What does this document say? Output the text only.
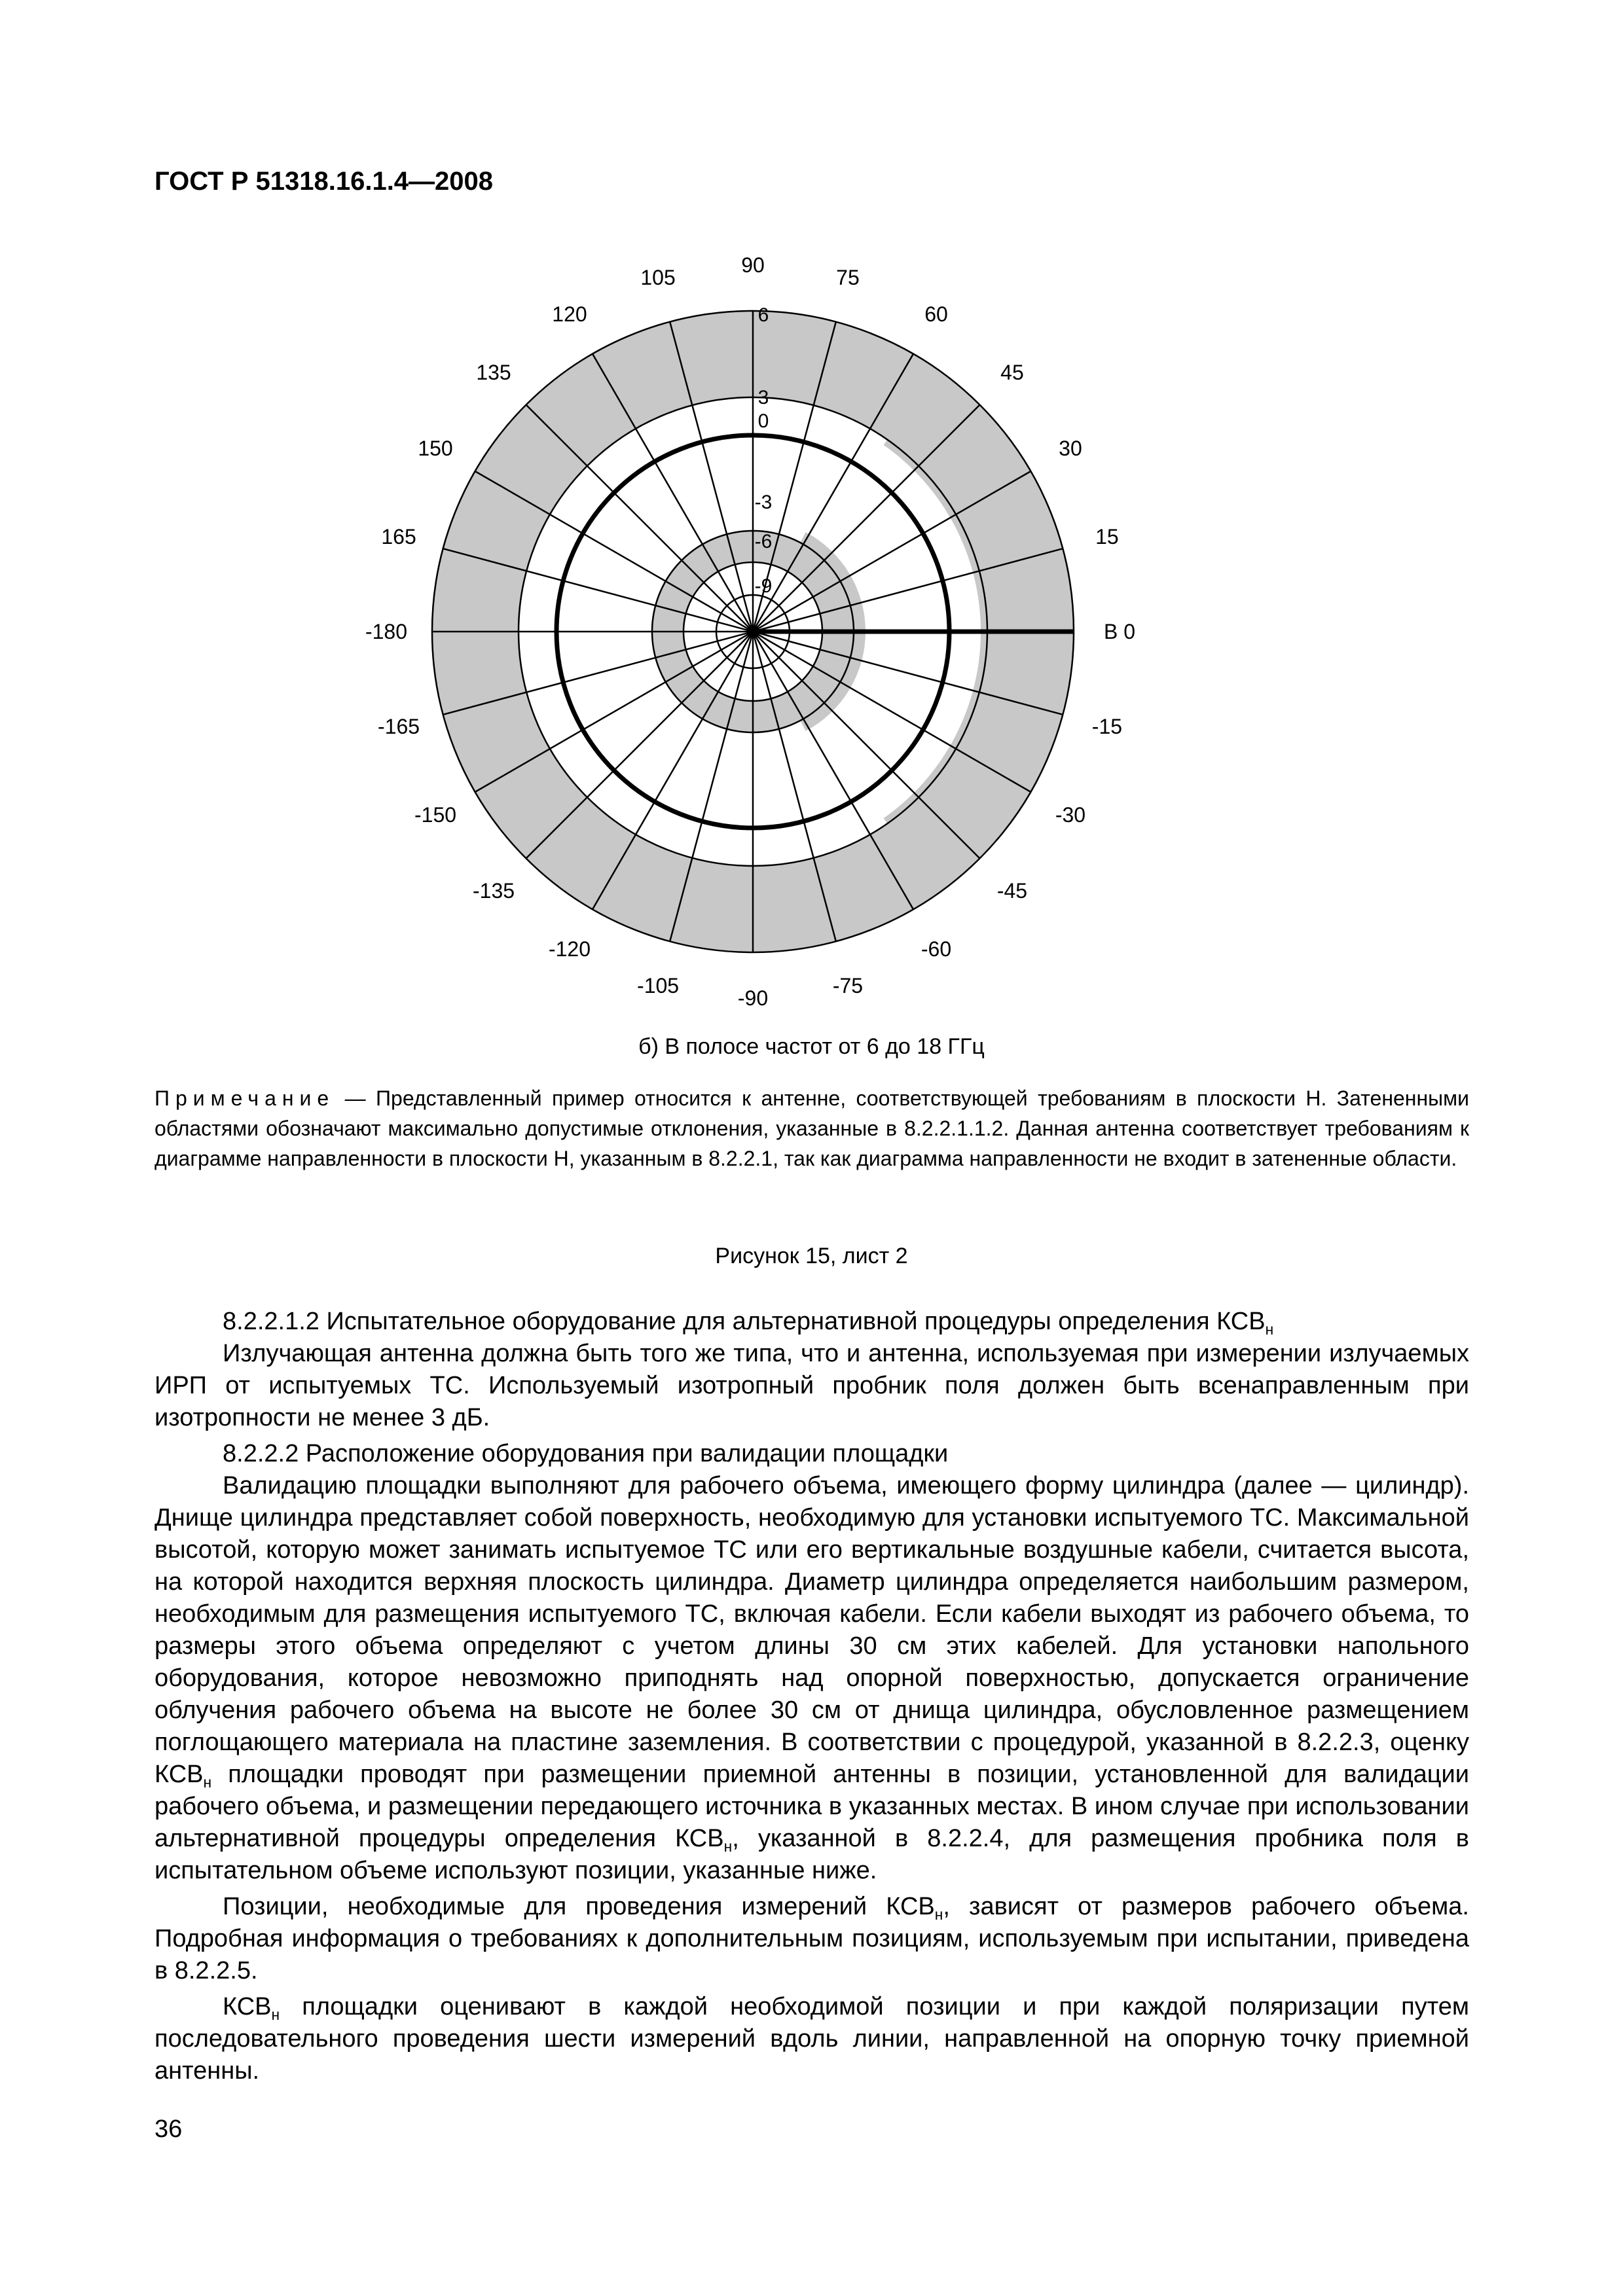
ГОСТ Р 51318.16.1.4—2008
6
3
0
-3
-6
-9
90
75
60
45
30
15
В 0
-15
-30
-45
-60
-75
-90
-105
-120
-135
-150
-165
-180
165
150
135
120
105
б) В полосе частот от 6 до 18 ГГц
Примечание — Представленный пример относится к антенне, соответствующей требованиям в плоскости Н. Затененными областями обозначают максимально допустимые отклонения, указанные в 8.2.2.1.1.2. Данная антенна соответствует требованиям к диаграмме направленности в плоскости Н, указанным в 8.2.2.1, так как диаграмма направленности не входит в затененные области.
Рисунок 15, лист 2

8.2.2.1.2 Испытательное оборудование для альтернативной процедуры определения $КСВ_н$

Излучающая антенна должна быть того же типа, что и антенна, используемая при измерении излучаемых ИРП от испытуемых ТС. Используемый изотропный пробник поля должен быть всенаправленным при изотропности не менее 3 дБ.

8.2.2.2 Расположение оборудования при валидации площадки

Валидацию площадки выполняют для рабочего объема, имеющего форму цилиндра (далее — цилиндр). Днище цилиндра представляет собой поверхность, необходимую для установки испытуемого ТС. Максимальной высотой, которую может занимать испытуемое ТС или его вертикальные воздушные кабели, считается высота, на которой находится верхняя плоскость цилиндра. Диаметр цилиндра определяется наибольшим размером, необходимым для размещения испытуемого ТС, включая кабели. Если кабели выходят из рабочего объема, то размеры этого объема определяют с учетом длины 30 см этих кабелей. Для установки напольного оборудования, которое невозможно приподнять над опорной поверхностью, допускается ограничение облучения рабочего объема на высоте не более 30 см от днища цилиндра, обусловленное размещением поглощающего материала на пластине заземления. В соответствии с процедурой, указанной в 8.2.2.3, оценку $КСВ_н$ площадки проводят при размещении приемной антенны в позиции, установленной для валидации рабочего объема, и размещении передающего источника в указанных местах. В ином случае при использовании альтернативной процедуры определения $КСВ_н$, указанной в 8.2.2.4, для размещения пробника поля в испытательном объеме используют позиции, указанные ниже.

Позиции, необходимые для проведения измерений $КСВ_н$, зависят от размеров рабочего объема. Подробная информация о требованиях к дополнительным позициям, используемым при испытании, приведена в 8.2.2.5.

$КСВ_н$ площадки оценивают в каждой необходимой позиции и при каждой поляризации путем последовательного проведения шести измерений вдоль линии, направленной на опорную точку приемной антенны.

36
